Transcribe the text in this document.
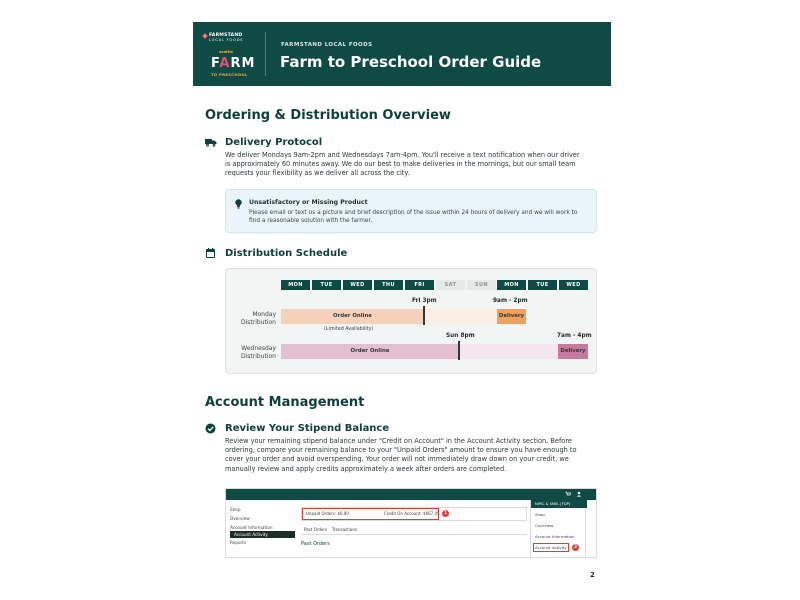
FARMSTAND
LOCAL FOODS
seattle
FARM
TO PRESCHOOL
FARMSTAND LOCAL FOODS
Farm to Preschool Order Guide
Ordering & Distribution Overview
Delivery Protocol
We deliver Mondays 9am-2pm and Wednesdays 7am-4pm. You'll receive a text notification when our driver is approximately 60 minutes away. We do our best to make deliveries in the mornings, but our small team requests your flexibility as we deliver all across the city.
Unsatisfactory or Missing Product
Please email or text us a picture and brief description of the issue within 24 hours of delivery and we will work to find a reasonable solution with the farmer.
Distribution Schedule
MON	TUE	WED	THU	FRI	SAT	SUN	MON	TUE	WED
Monday Distribution
Fri 3pm	9am - 2pm
Order Online	Delivery
(Limited Availability)
Wednesday Distribution
Sun 8pm	7am - 4pm
Order Online	Delivery
Account Management
Review Your Stipend Balance
Review your remaining stipend balance under "Credit on Account" in the Account Activity section. Before ordering, compare your remaining balance to your "Unpaid Orders" amount to ensure you have enough to cover your order and avoid overspending. Your order will not immediately draw down on your credit, we manually review and apply credits approximately a week after orders are completed.
Shop
Overview
Account Information
Account Activity
Reports
Unpaid Orders: $0.00	Credit On Account: $667.45 1
Past Orders Transactions
Past Orders
NIPIC & SMEL [FDP]
Shop
Overview
Account Information
Account Activity	2
2
